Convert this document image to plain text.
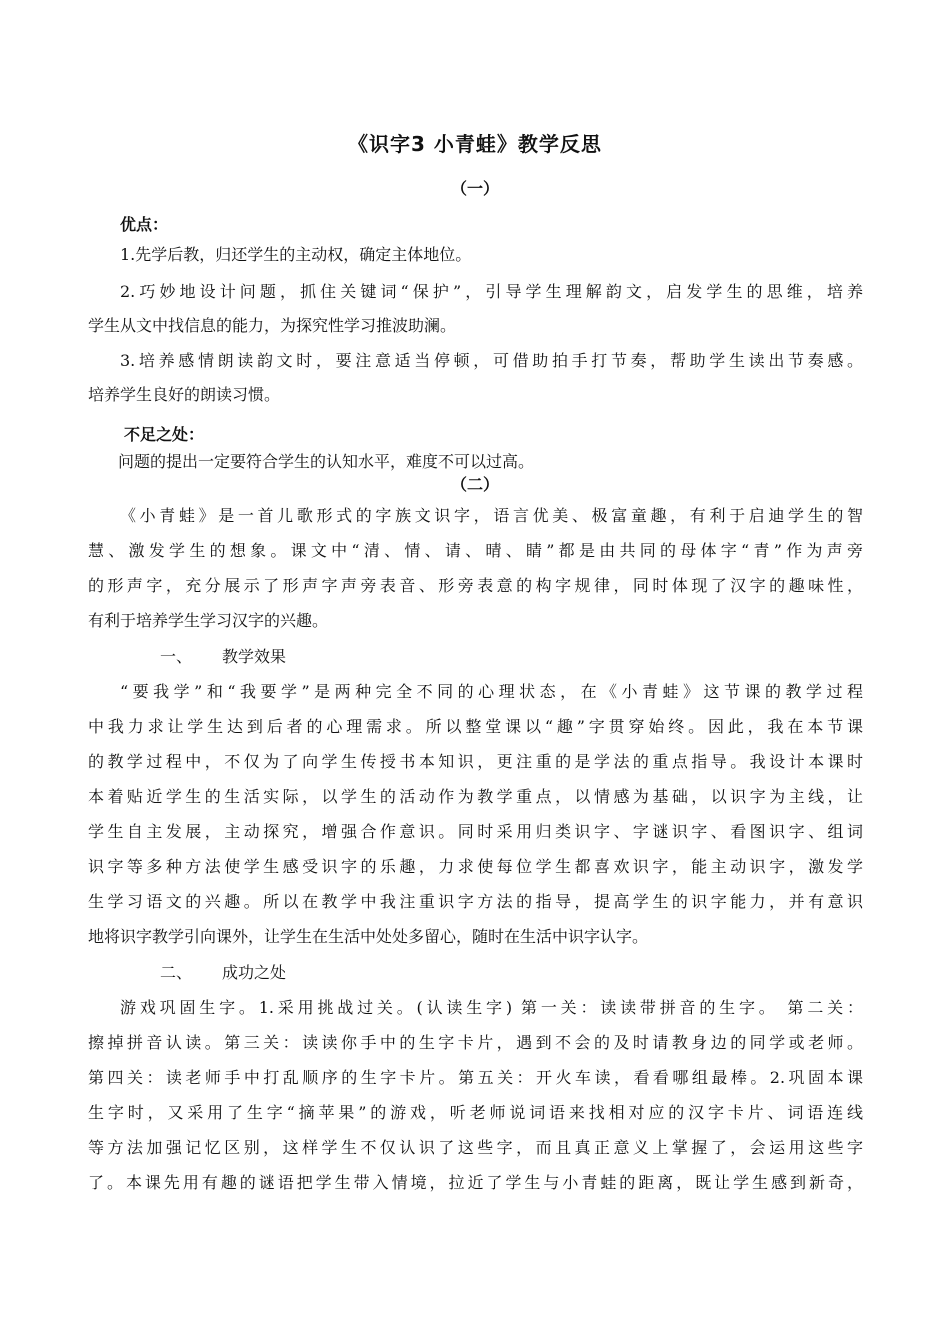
《识字3 小青蛙》教学反思
（一）
优点：
1.先学后教，归还学生的主动权，确定主体地位。
2.巧妙地设计问题，抓住关键词“保护”，引导学生理解韵文，启发学生的思维，培养
学生从文中找信息的能力，为探究性学习推波助澜。
3.培养感情朗读韵文时，要注意适当停顿，可借助拍手打节奏，帮助学生读出节奏感。
培养学生良好的朗读习惯。
不足之处：
问题的提出一定要符合学生的认知水平，难度不可以过高。
（二）
《小青蛙》是一首儿歌形式的字族文识字，语言优美、极富童趣，有利于启迪学生的智
慧、激发学生的想象。课文中“清、情、请、晴、睛”都是由共同的母体字“青”作为声旁
的形声字，充分展示了形声字声旁表音、形旁表意的构字规律，同时体现了汉字的趣味性，
有利于培养学生学习汉字的兴趣。
一、 教学效果
“要我学”和“我要学”是两种完全不同的心理状态，在《小青蛙》这节课的教学过程
中我力求让学生达到后者的心理需求。所以整堂课以“趣”字贯穿始终。因此，我在本节课
的教学过程中，不仅为了向学生传授书本知识，更注重的是学法的重点指导。我设计本课时
本着贴近学生的生活实际，以学生的活动作为教学重点，以情感为基础，以识字为主线，让
学生自主发展，主动探究，增强合作意识。同时采用归类识字、字谜识字、看图识字、组词
识字等多种方法使学生感受识字的乐趣，力求使每位学生都喜欢识字，能主动识字，激发学
生学习语文的兴趣。所以在教学中我注重识字方法的指导，提高学生的识字能力，并有意识
地将识字教学引向课外，让学生在生活中处处多留心，随时在生活中识字认字。
二、 成功之处
游戏巩固生字。1.采用挑战过关。(认读生字) 第一关：读读带拼音的生字。 第二关：
擦掉拼音认读。第三关：读读你手中的生字卡片，遇到不会的及时请教身边的同学或老师。
第四关：读老师手中打乱顺序的生字卡片。第五关：开火车读，看看哪组最棒。2.巩固本课
生字时，又采用了生字“摘苹果”的游戏，听老师说词语来找相对应的汉字卡片、词语连线
等方法加强记忆区别，这样学生不仅认识了这些字，而且真正意义上掌握了，会运用这些字
了。本课先用有趣的谜语把学生带入情境，拉近了学生与小青蛙的距离，既让学生感到新奇，
